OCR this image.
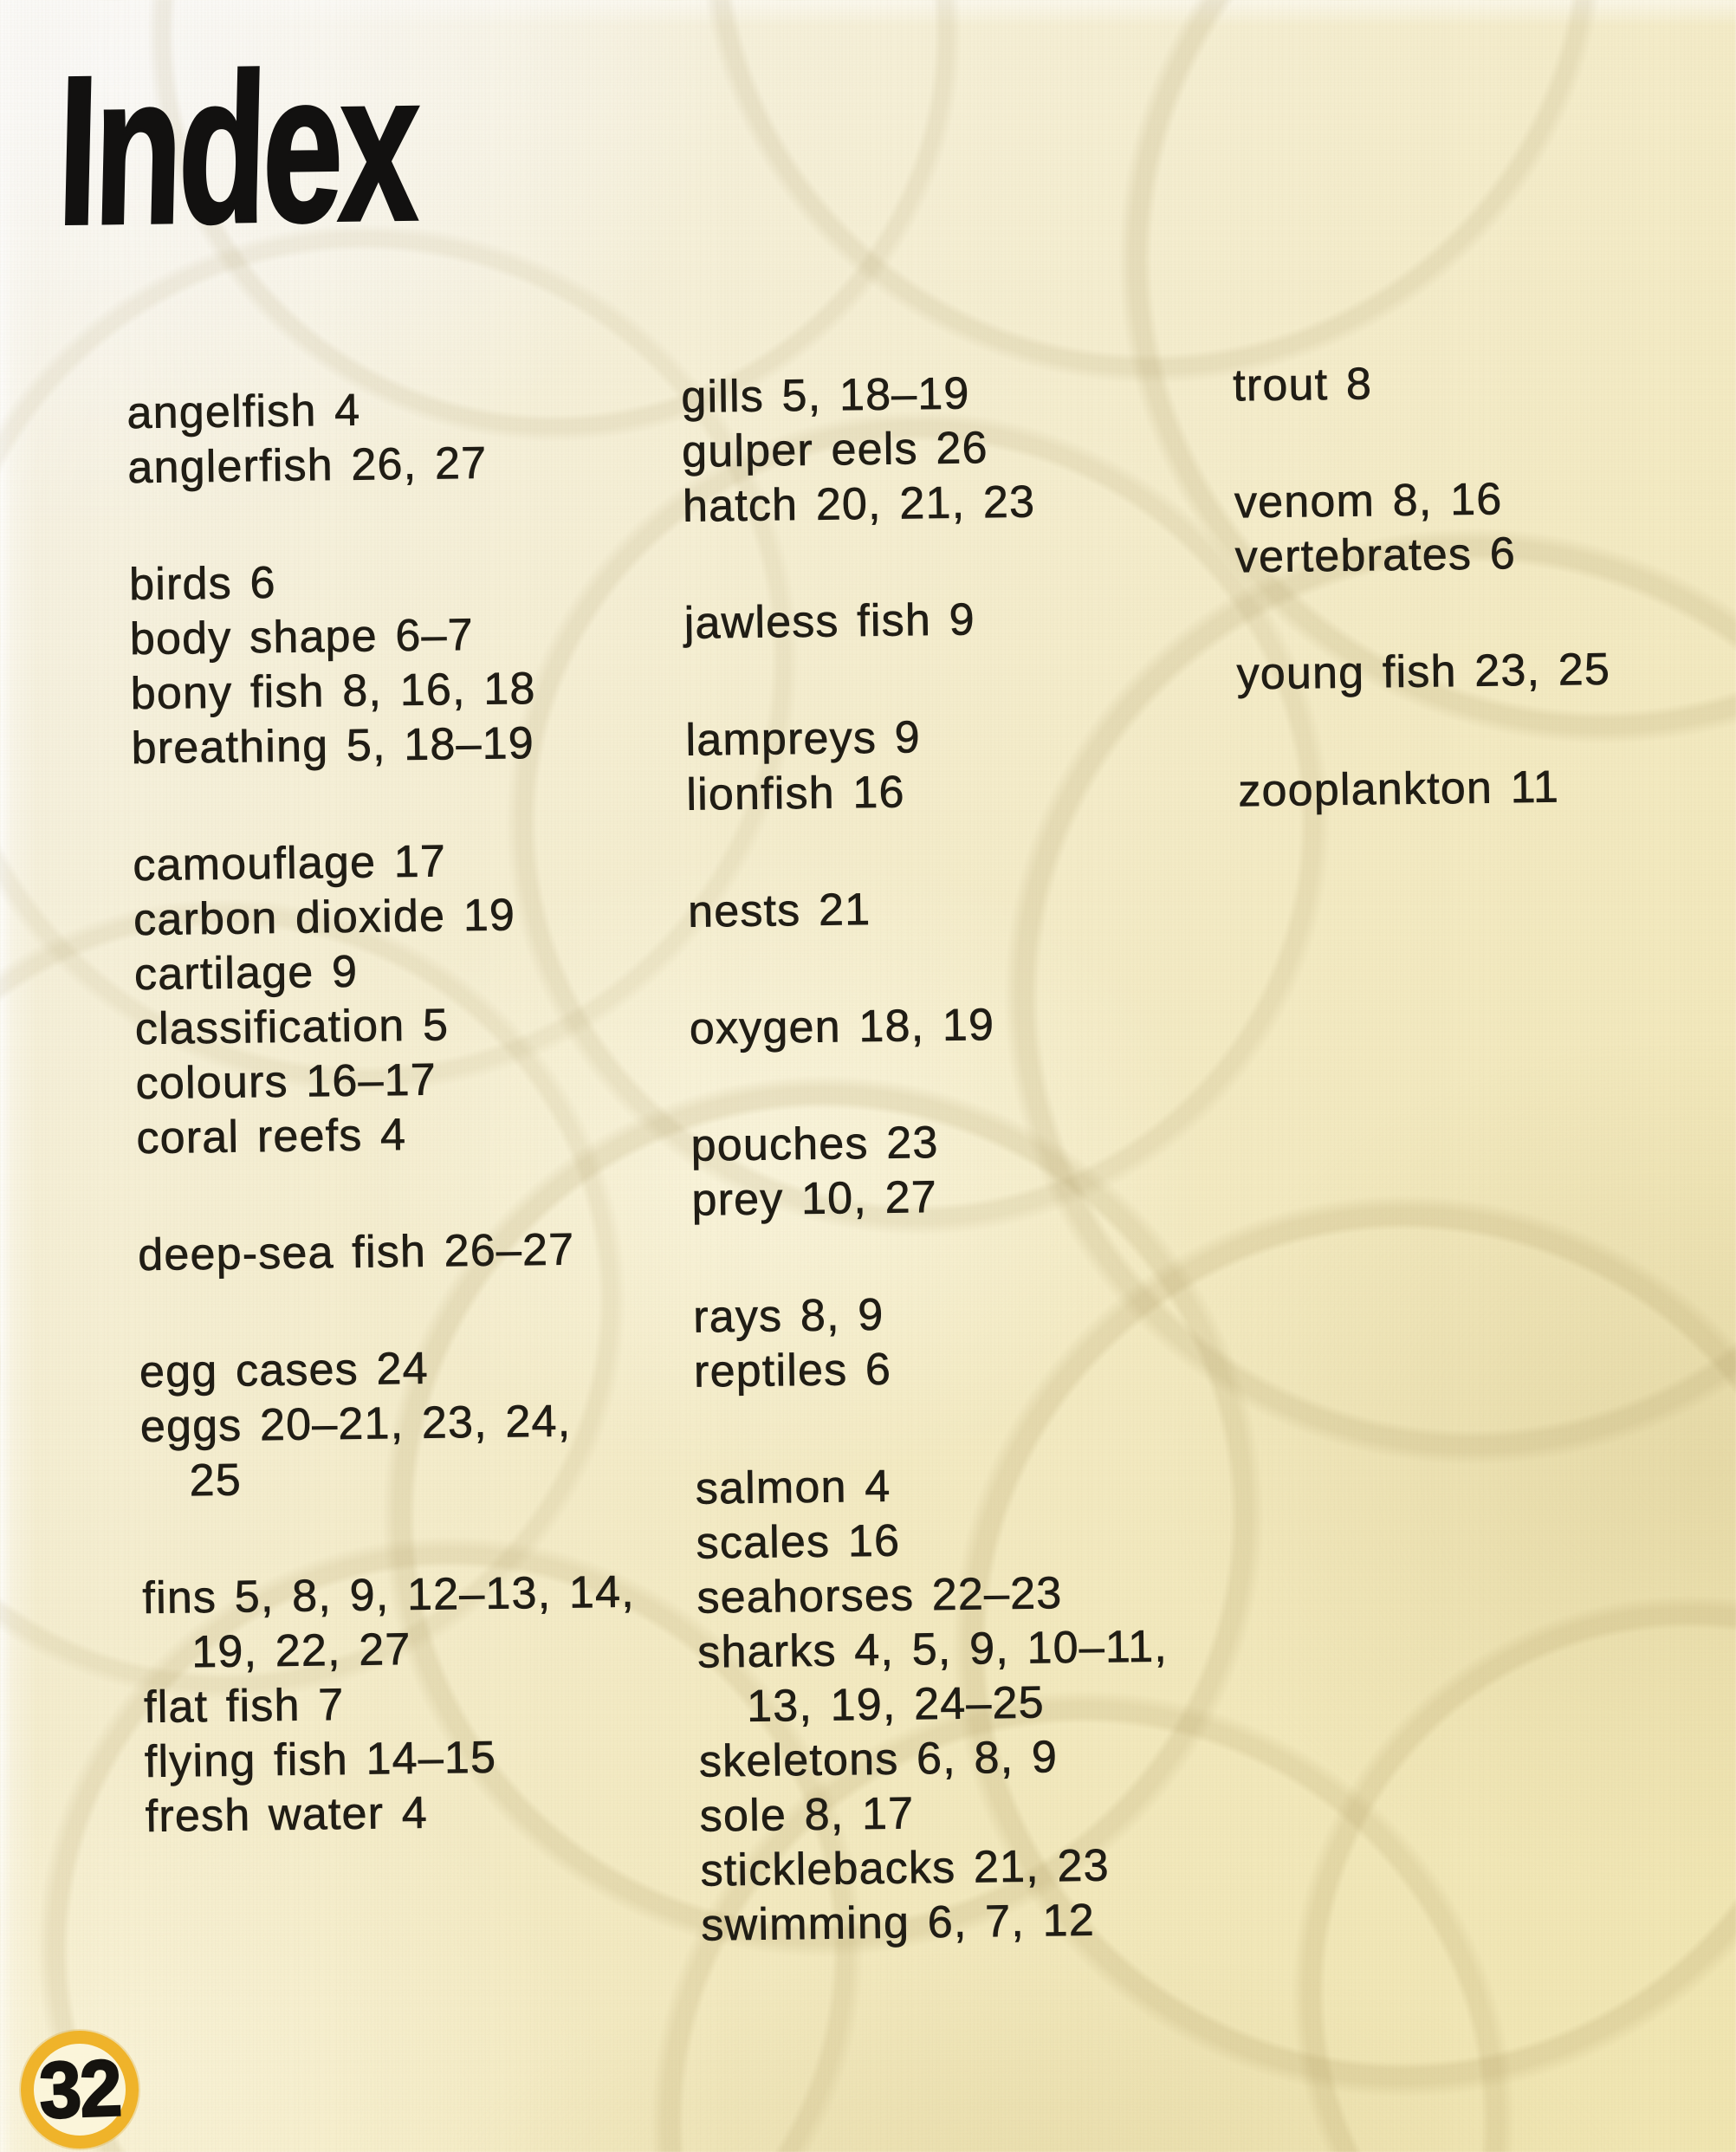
Index
angelfish 4
anglerfish 26, 27
birds 6
body shape 6–7
bony fish 8, 16, 18
breathing 5, 18–19
camouflage 17
carbon dioxide 19
cartilage 9
classification 5
colours 16–17
coral reefs 4
deep-sea fish 26–27
egg cases 24
eggs 20–21, 23, 24,
25
fins 5, 8, 9, 12–13, 14,
19, 22, 27
flat fish 7
flying fish 14–15
fresh water 4
gills 5, 18–19
gulper eels 26
hatch 20, 21, 23
jawless fish 9
lampreys 9
lionfish 16
nests 21
oxygen 18, 19
pouches 23
prey 10, 27
rays 8, 9
reptiles 6
salmon 4
scales 16
seahorses 22–23
sharks 4, 5, 9, 10–11,
13, 19, 24–25
skeletons 6, 8, 9
sole 8, 17
sticklebacks 21, 23
swimming 6, 7, 12
trout 8
venom 8, 16
vertebrates 6
young fish 23, 25
zooplankton 11
32
